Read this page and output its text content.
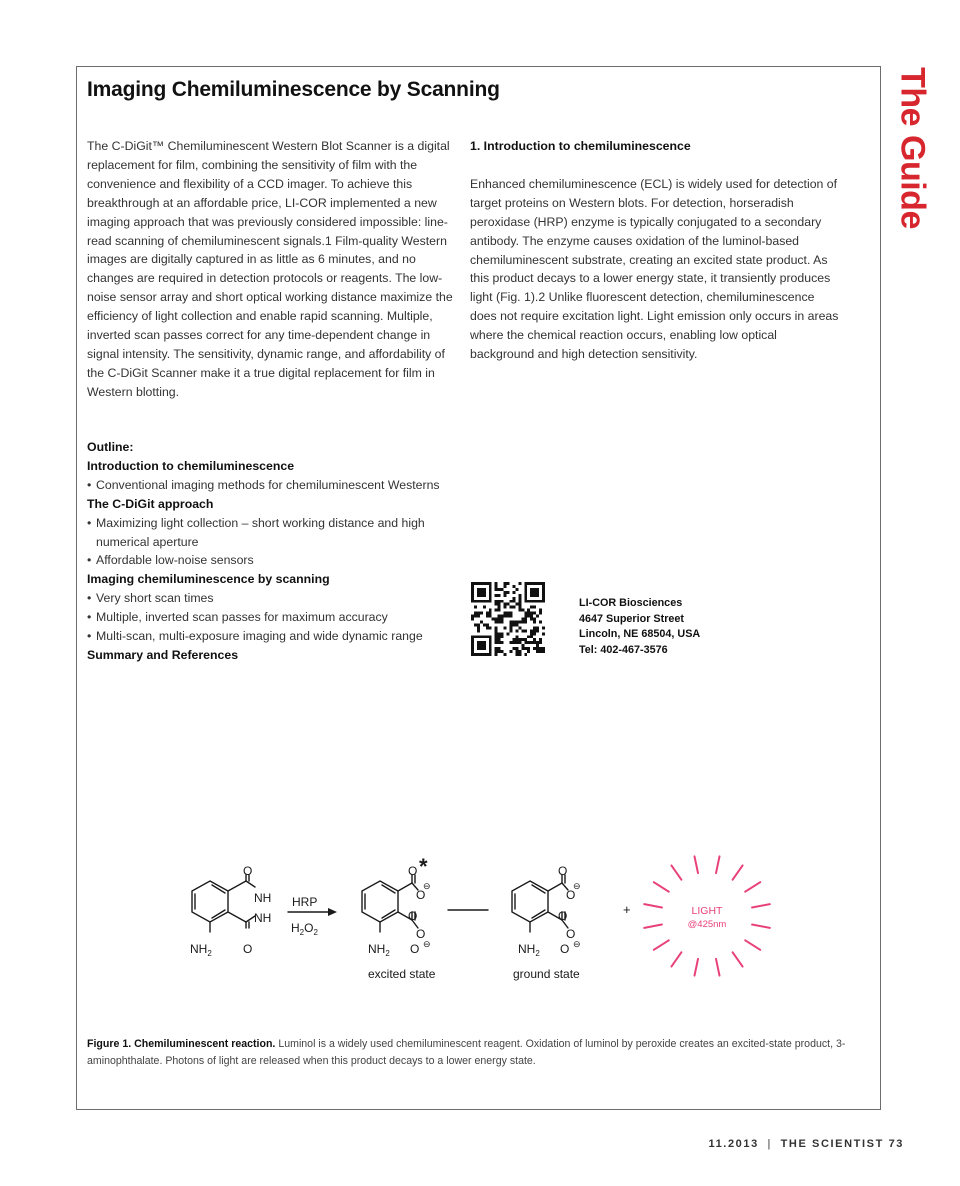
Imaging Chemiluminescence by Scanning	The Guide

The C-DiGit™ Chemiluminescent Western Blot Scanner is a digital replacement for film, combining the sensitivity of film with the convenience and flexibility of a CCD imager. To achieve this breakthrough at an affordable price, LI-COR implemented a new imaging approach that was previously considered impossible: line-read scanning of chemiluminescent signals.1 Film-quality Western images are digitally captured in as little as 6 minutes, and no changes are required in detection protocols or reagents. The low-noise sensor array and short optical working distance maximize the efficiency of light collection and enable rapid scanning. Multiple, inverted scan passes correct for any time-dependent change in signal intensity. The sensitivity, dynamic range, and affordability of the C-DiGit Scanner make it a true digital replacement for film in Western blotting.

Outline:
Introduction to chemiluminescence
• Conventional imaging methods for chemiluminescent Westerns
The C-DiGit approach
• Maximizing light collection – short working distance and high numerical aperture
• Affordable low-noise sensors
Imaging chemiluminescence by scanning
• Very short scan times
• Multiple, inverted scan passes for maximum accuracy
• Multi-scan, multi-exposure imaging and wide dynamic range
Summary and References
1. Introduction to chemiluminescence

Enhanced chemiluminescence (ECL) is widely used for detection of target proteins on Western blots. For detection, horseradish peroxidase (HRP) enzyme is typically conjugated to a secondary antibody. The enzyme causes oxidation of the luminol-based chemiluminescent substrate, creating an excited state product. As this product decays to a lower energy state, it transiently produces light (Fig. 1).2 Unlike fluorescent detection, chemiluminescence does not require excitation light. Light emission only occurs in areas where the chemical reaction occurs, enabling low optical background and high detection sensitivity.

LI-COR Biosciences
4647 Superior Street
Lincoln, NE 68504, USA
Tel: 402-467-3576
O
NH
NH
O
$NH_2$
HRP
$H_2O_2$
O *
O
⊖
O
O
⊖
$NH_2$ O
excited state
O
O
⊖
O
O
⊖
$NH_2$ O
ground state
+	LIGHT
@425nm
Figure 1. Chemiluminescent reaction. Luminol is a widely used chemiluminescent reagent. Oxidation of luminol by peroxide creates an excited-state product, 3-aminophthalate. Photons of light are released when this product decays to a lower energy state.
11.2013 | THE SCIENTIST 73
